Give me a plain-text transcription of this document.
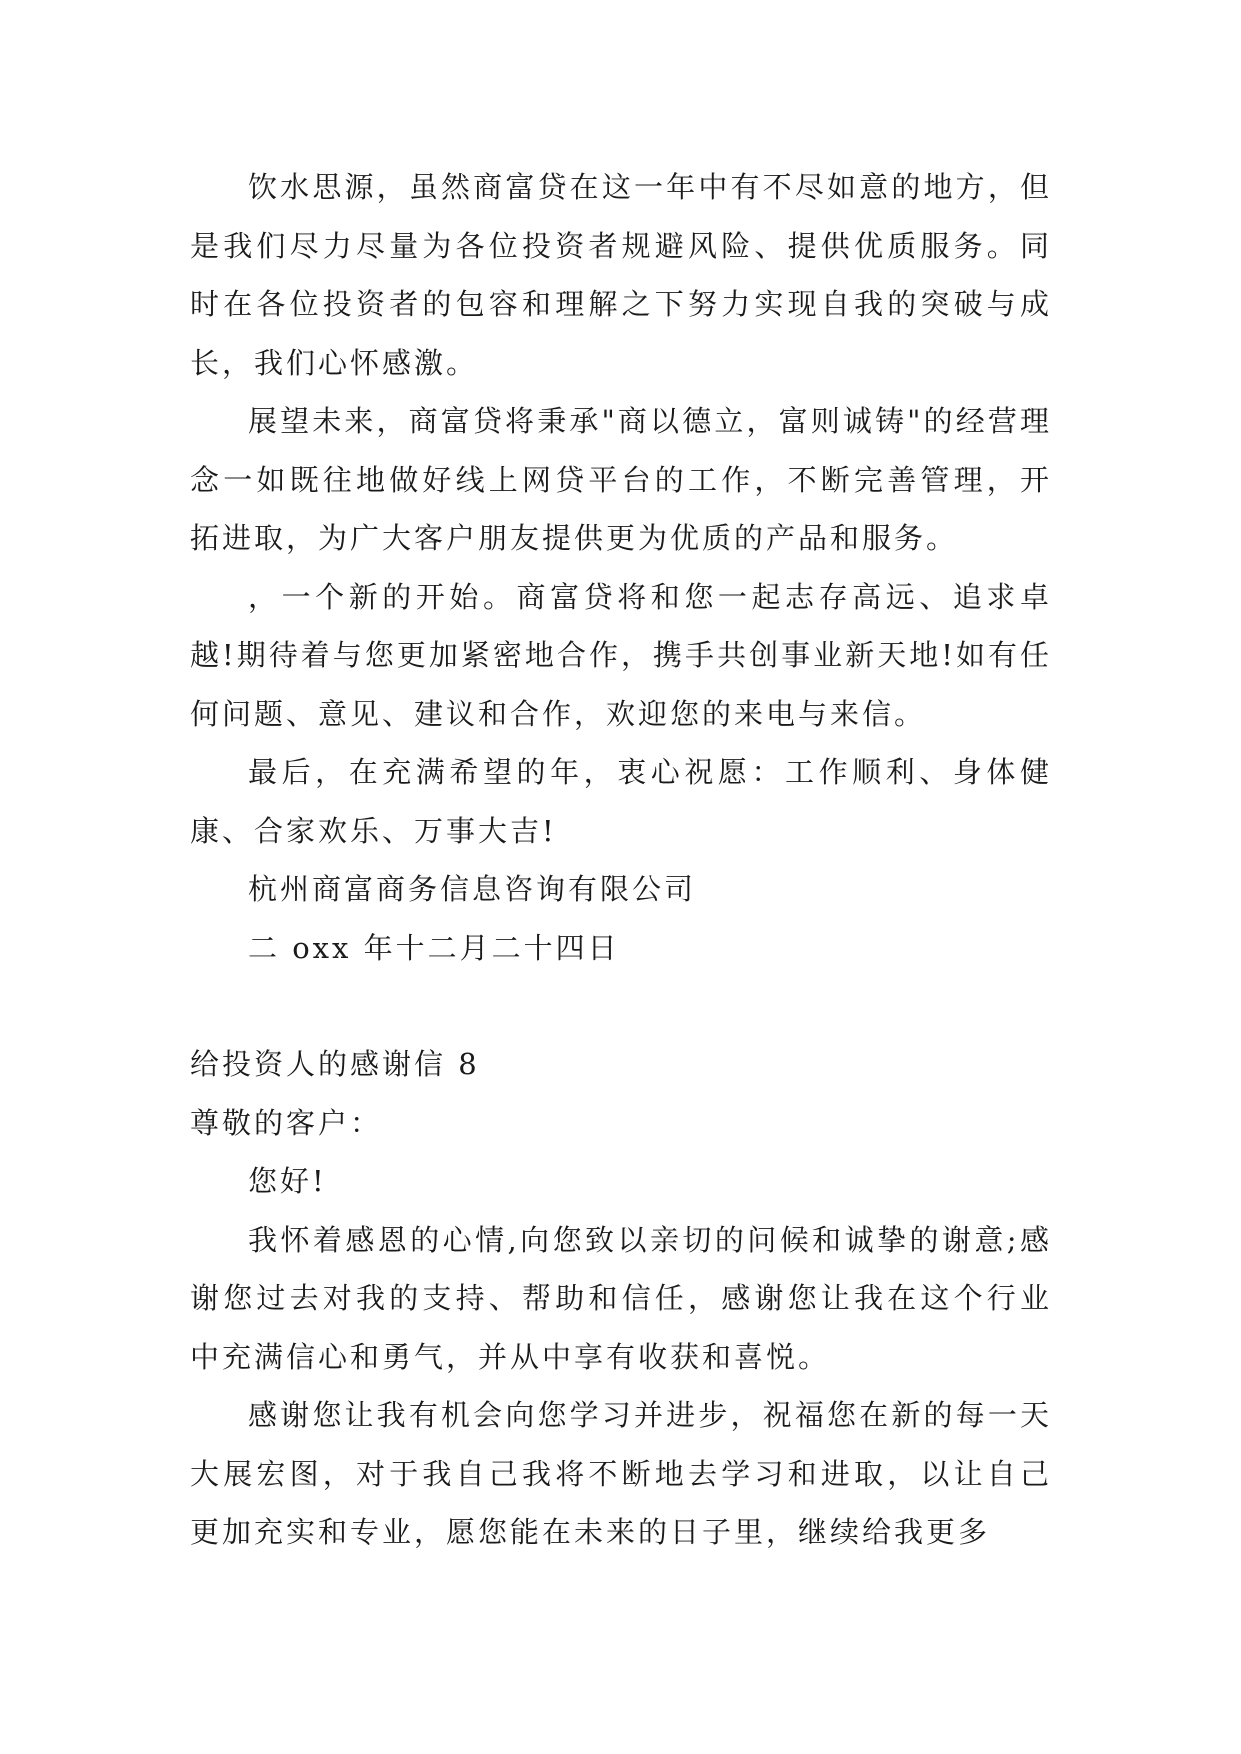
饮水思源，虽然商富贷在这一年中有不尽如意的地方，但是我们尽力尽量为各位投资者规避风险、提供优质服务。同时在各位投资者的包容和理解之下努力实现自我的突破与成长，我们心怀感激。

展望未来，商富贷将秉承"商以德立，富则诚铸"的经营理念一如既往地做好线上网贷平台的工作，不断完善管理，开拓进取，为广大客户朋友提供更为优质的产品和服务。

，一个新的开始。商富贷将和您一起志存高远、追求卓越!期待着与您更加紧密地合作，携手共创事业新天地!如有任何问题、意见、建议和合作，欢迎您的来电与来信。

最后，在充满希望的年，衷心祝愿：工作顺利、身体健康、合家欢乐、万事大吉!

杭州商富商务信息咨询有限公司

二 oxx 年十二月二十四日

给投资人的感谢信 8

尊敬的客户：

您好!

我怀着感恩的心情,向您致以亲切的问候和诚挚的谢意;感谢您过去对我的支持、帮助和信任，感谢您让我在这个行业中充满信心和勇气，并从中享有收获和喜悦。

感谢您让我有机会向您学习并进步，祝福您在新的每一天大展宏图，对于我自己我将不断地去学习和进取，以让自己更加充实和专业，愿您能在未来的日子里，继续给我更多
